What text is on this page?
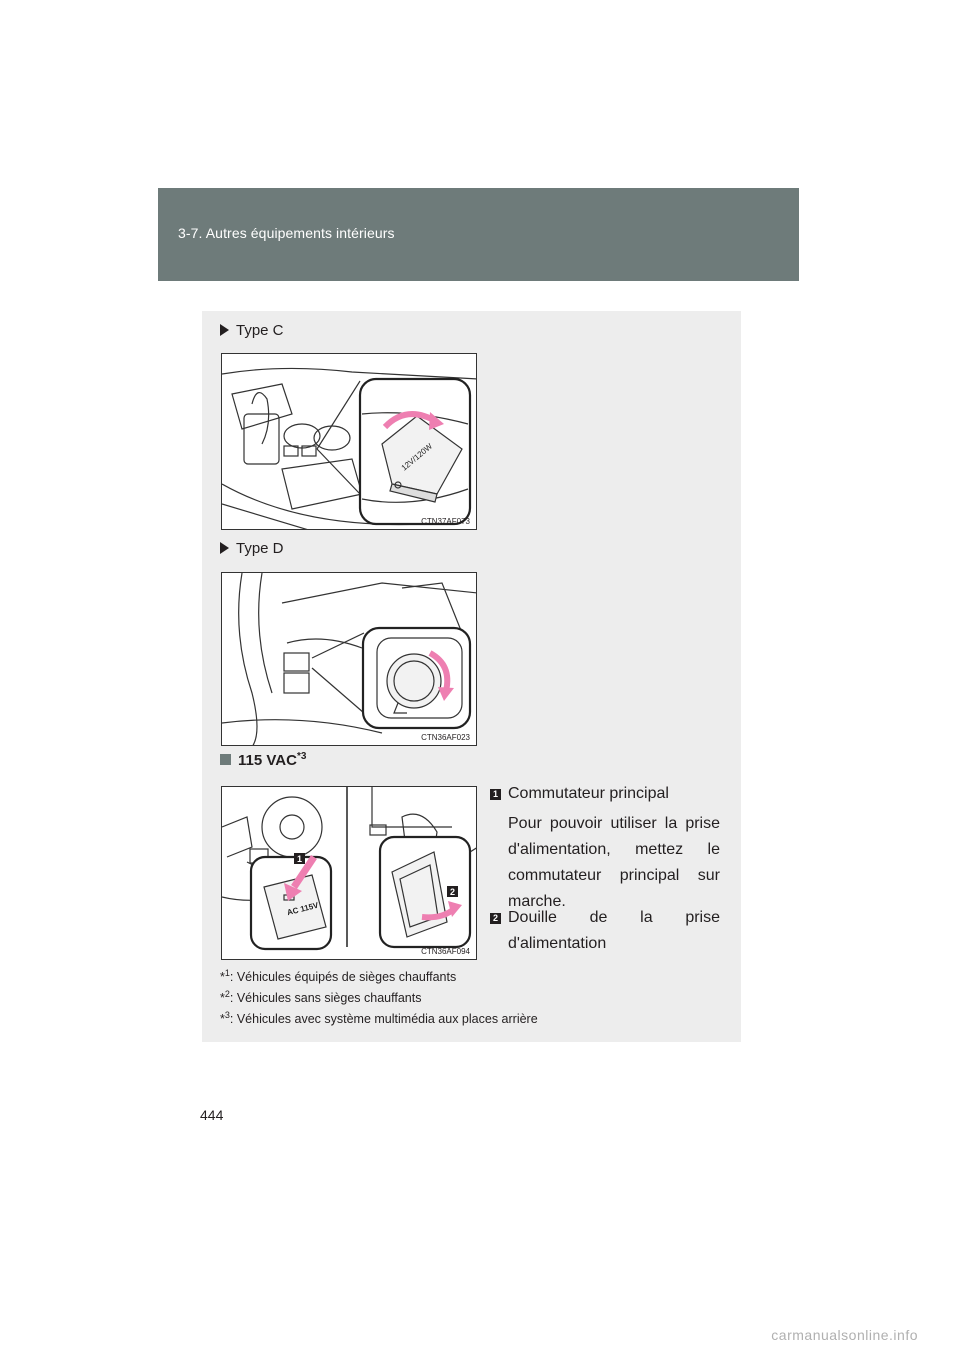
3-7. Autres équipements intérieurs
Type C
12V/120W
CTN37AF073
Type D
CTN36AF023
115 VAC$^{*3}$
AC 115V
1
2
CTN36AF094
1 Commutateur principal
Pour pouvoir utiliser la prise d'alimentation, mettez le commutateur principal sur marche.
2 Douille de la prise d'alimentation
*$^1$: Véhicules équipés de sièges chauffants
*$^2$: Véhicules sans sièges chauffants
*$^3$: Véhicules avec système multimédia aux places arrière
444
carmanualsonline.info
